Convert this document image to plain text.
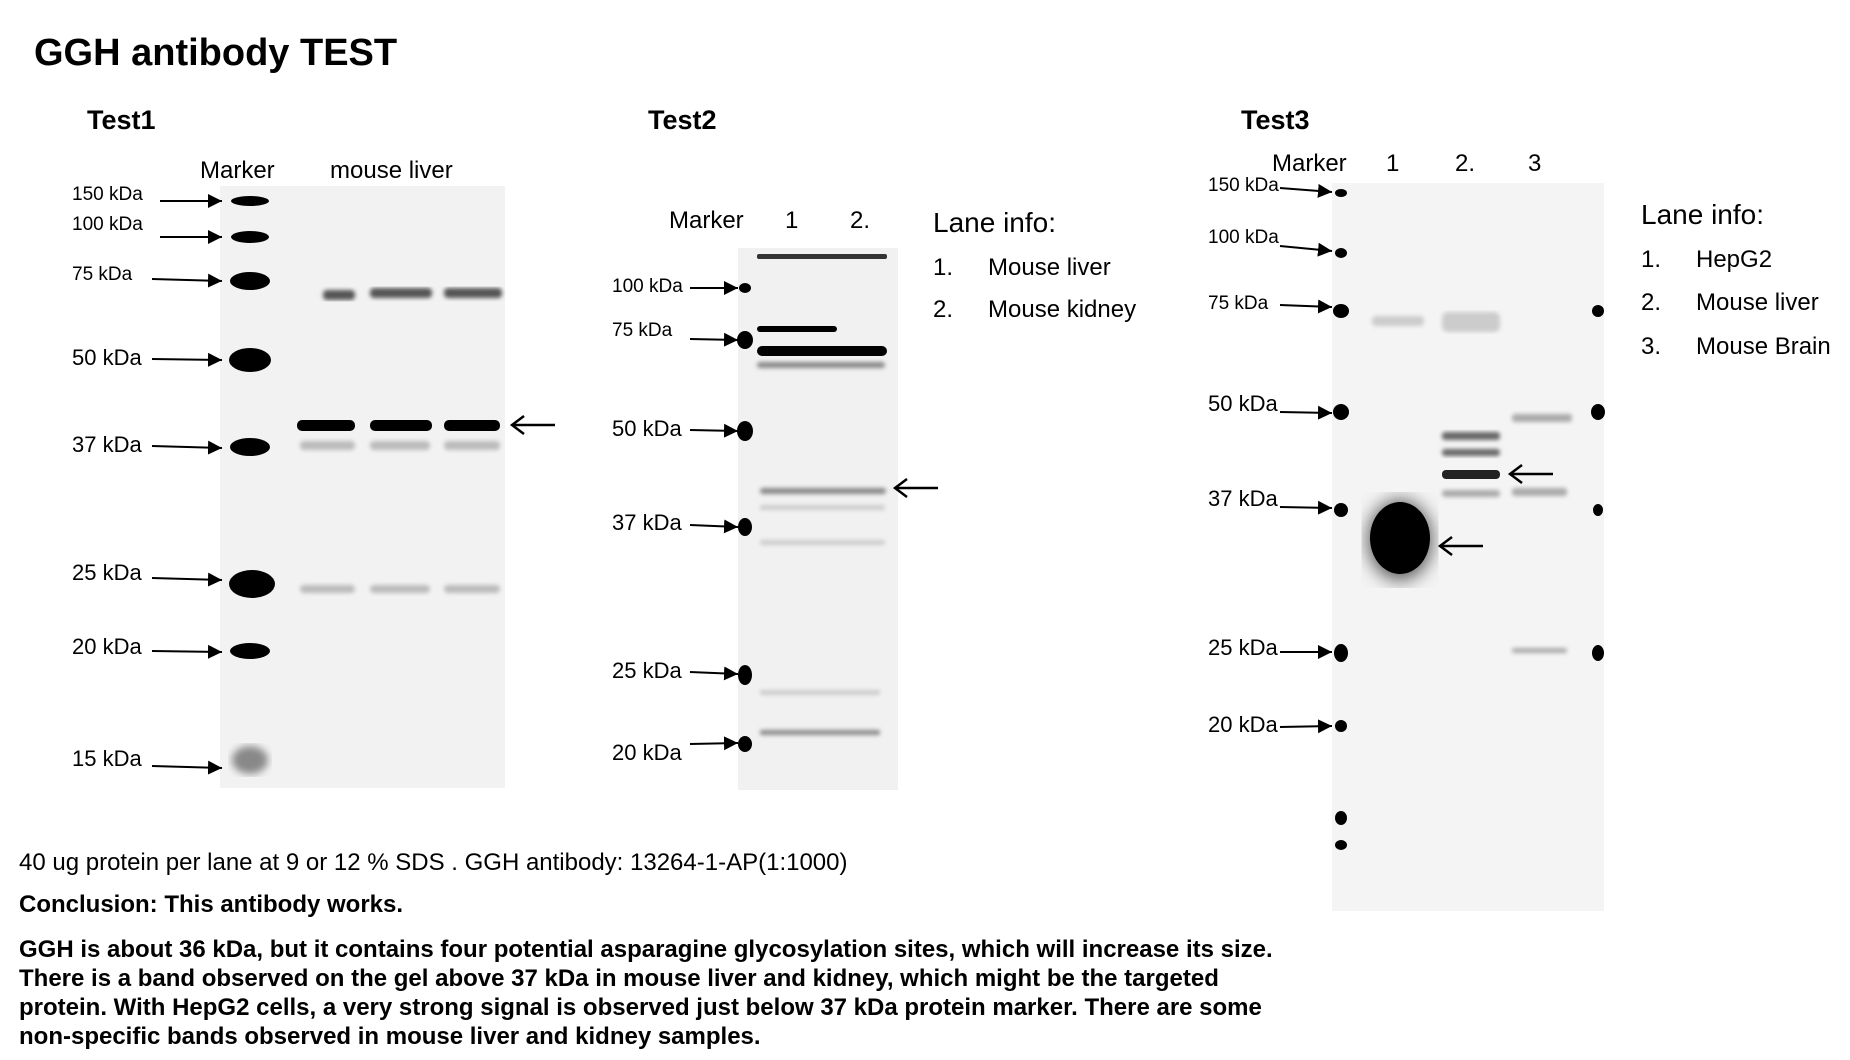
GGH antibody TEST
Test1
Marker mouse liver
150 kDa
100 kDa
75 kDa
50 kDa
37 kDa
25 kDa
20 kDa
15 kDa
Test2
Marker 1 2.
100 kDa
75 kDa
50 kDa
37 kDa
25 kDa
20 kDa
Lane info:
1. Mouse liver
2. Mouse kidney
Test3
Marker 1 2. 3
150 kDa
100 kDa
75 kDa
50 kDa
37 kDa
25 kDa
20 kDa
Lane info:
1. HepG2
2. Mouse liver
3. Mouse Brain
40 ug protein per lane at 9 or 12 % SDS . GGH antibody: 13264-1-AP(1:1000)
Conclusion: This antibody works.
GGH is about 36 kDa, but it contains four potential asparagine glycosylation sites, which will increase its size. There is a band observed on the gel above 37 kDa in mouse liver and kidney, which might be the targeted protein. With HepG2 cells, a very strong signal is observed just below 37 kDa protein marker. There are some non-specific bands observed in mouse liver and kidney samples.
